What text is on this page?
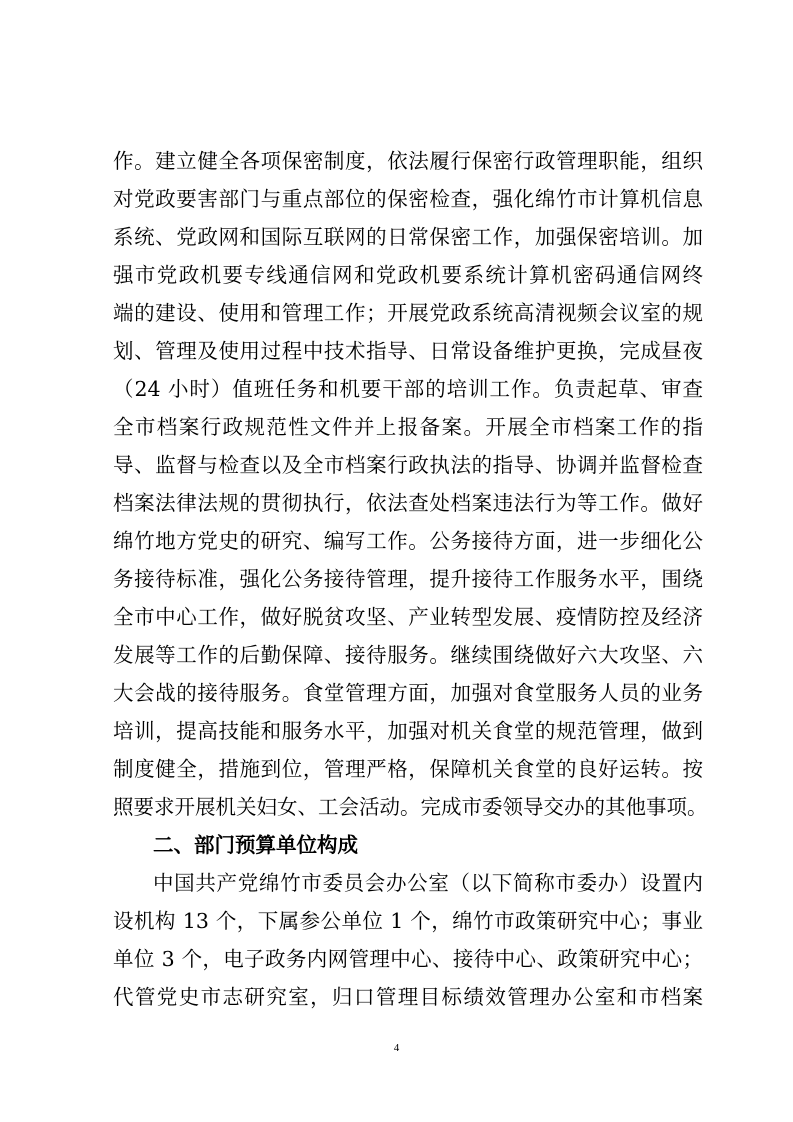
作。建立健全各项保密制度，依法履行保密行政管理职能，组织
对党政要害部门与重点部位的保密检查，强化绵竹市计算机信息
系统、党政网和国际互联网的日常保密工作，加强保密培训。加
强市党政机要专线通信网和党政机要系统计算机密码通信网终
端的建设、使用和管理工作；开展党政系统高清视频会议室的规
划、管理及使用过程中技术指导、日常设备维护更换，完成昼夜
（24 小时）值班任务和机要干部的培训工作。负责起草、审查
全市档案行政规范性文件并上报备案。开展全市档案工作的指
导、监督与检查以及全市档案行政执法的指导、协调并监督检查
档案法律法规的贯彻执行，依法查处档案违法行为等工作。做好
绵竹地方党史的研究、编写工作。公务接待方面，进一步细化公
务接待标准，强化公务接待管理，提升接待工作服务水平，围绕
全市中心工作，做好脱贫攻坚、产业转型发展、疫情防控及经济
发展等工作的后勤保障、接待服务。继续围绕做好六大攻坚、六
大会战的接待服务。食堂管理方面，加强对食堂服务人员的业务
培训，提高技能和服务水平，加强对机关食堂的规范管理，做到
制度健全，措施到位，管理严格，保障机关食堂的良好运转。按
照要求开展机关妇女、工会活动。完成市委领导交办的其他事项。
二、部门预算单位构成
中国共产党绵竹市委员会办公室（以下简称市委办）设置内
设机构 13 个，下属参公单位 1 个，绵竹市政策研究中心；事业
单位 3 个，电子政务内网管理中心、接待中心、政策研究中心；
代管党史市志研究室，归口管理目标绩效管理办公室和市档案
4
